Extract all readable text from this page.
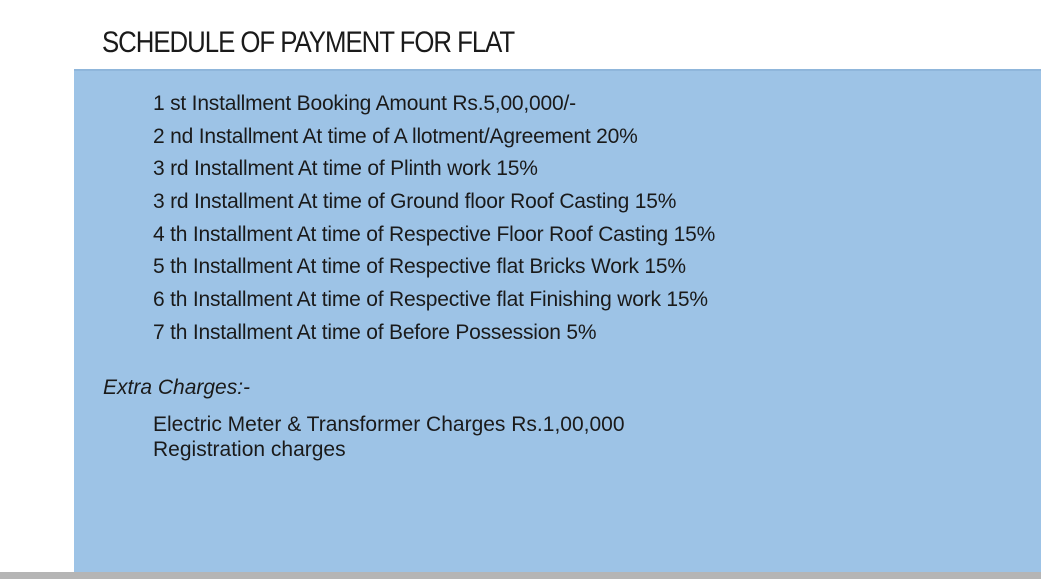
SCHEDULE OF PAYMENT FOR FLAT
1 st Installment Booking Amount Rs.5,00,000/-
2 nd Installment At time of A llotment/Agreement 20%
3 rd Installment At time of Plinth work 15%
3 rd Installment At time of Ground floor Roof Casting 15%
4 th Installment At time of Respective Floor Roof Casting 15%
5 th Installment At time of Respective flat Bricks Work 15%
6 th Installment At time of Respective flat Finishing work 15%
7 th Installment At time of Before Possession 5%
Extra Charges:-
Electric Meter & Transformer Charges Rs.1,00,000
Registration charges
